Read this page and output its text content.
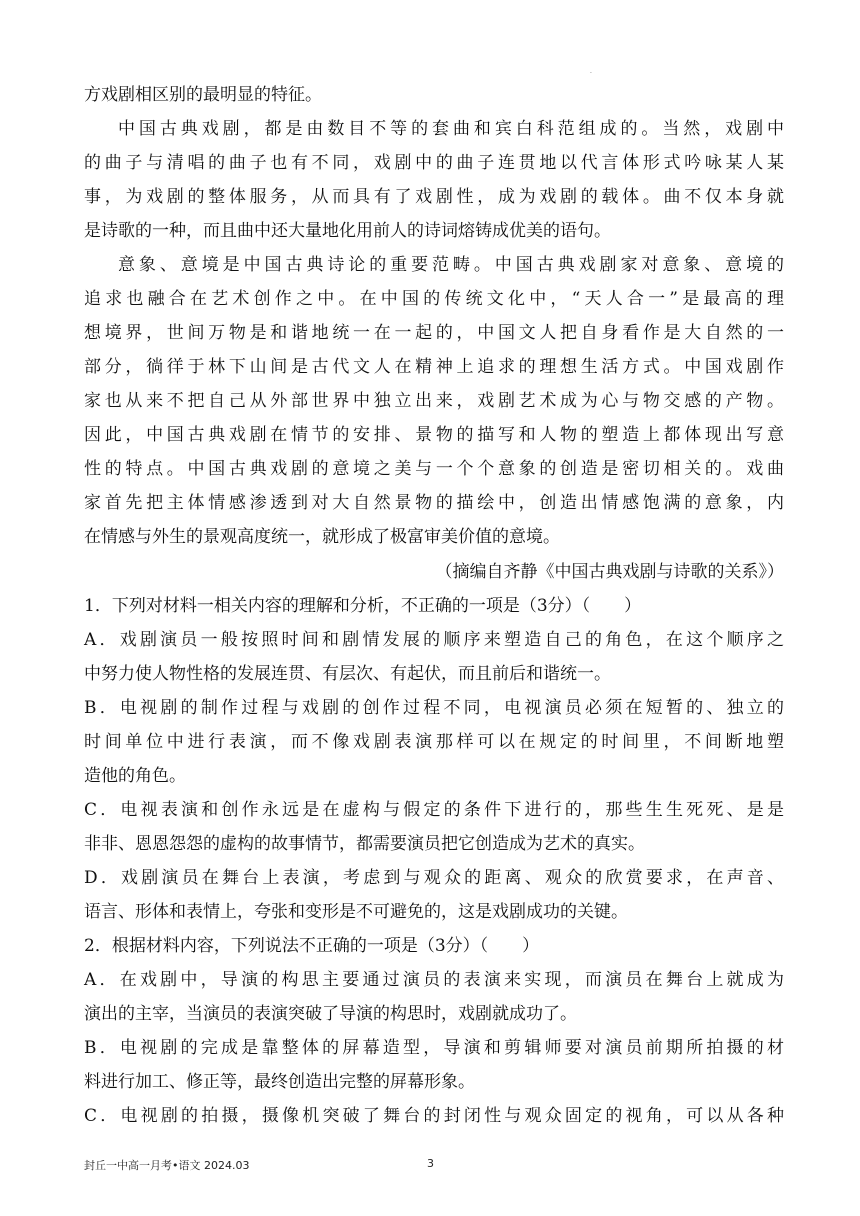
·
方戏剧相区别的最明显的特征。
中国古典戏剧，都是由数目不等的套曲和宾白科范组成的。当然，戏剧中
的曲子与清唱的曲子也有不同，戏剧中的曲子连贯地以代言体形式吟咏某人某
事，为戏剧的整体服务，从而具有了戏剧性，成为戏剧的载体。曲不仅本身就
是诗歌的一种，而且曲中还大量地化用前人的诗词熔铸成优美的语句。
意象、意境是中国古典诗论的重要范畴。中国古典戏剧家对意象、意境的
追求也融合在艺术创作之中。在中国的传统文化中，“天人合一”是最高的理
想境界，世间万物是和谐地统一在一起的，中国文人把自身看作是大自然的一
部分，徜徉于林下山间是古代文人在精神上追求的理想生活方式。中国戏剧作
家也从来不把自己从外部世界中独立出来，戏剧艺术成为心与物交感的产物。
因此，中国古典戏剧在情节的安排、景物的描写和人物的塑造上都体现出写意
性的特点。中国古典戏剧的意境之美与一个个意象的创造是密切相关的。戏曲
家首先把主体情感渗透到对大自然景物的描绘中，创造出情感饱满的意象，内
在情感与外生的景观高度统一，就形成了极富审美价值的意境。
（摘编自齐静《中国古典戏剧与诗歌的关系》）
1．下列对材料一相关内容的理解和分析，不正确的一项是（3分）（　　）
A．戏剧演员一般按照时间和剧情发展的顺序来塑造自己的角色，在这个顺序之
中努力使人物性格的发展连贯、有层次、有起伏，而且前后和谐统一。
B．电视剧的制作过程与戏剧的创作过程不同，电视演员必须在短暂的、独立的
时间单位中进行表演，而不像戏剧表演那样可以在规定的时间里，不间断地塑
造他的角色。
C．电视表演和创作永远是在虚构与假定的条件下进行的，那些生生死死、是是
非非、恩恩怨怨的虚构的故事情节，都需要演员把它创造成为艺术的真实。
D．戏剧演员在舞台上表演，考虑到与观众的距离、观众的欣赏要求，在声音、
语言、形体和表情上，夸张和变形是不可避免的，这是戏剧成功的关键。
2．根据材料内容，下列说法不正确的一项是（3分）（　　）
A．在戏剧中，导演的构思主要通过演员的表演来实现，而演员在舞台上就成为
演出的主宰，当演员的表演突破了导演的构思时，戏剧就成功了。
B．电视剧的完成是靠整体的屏幕造型，导演和剪辑师要对演员前期所拍摄的材
料进行加工、修正等，最终创造出完整的屏幕形象。
C．电视剧的拍摄，摄像机突破了舞台的封闭性与观众固定的视角，可以从各种
封丘一中高一月考•语文 2024.03	3
